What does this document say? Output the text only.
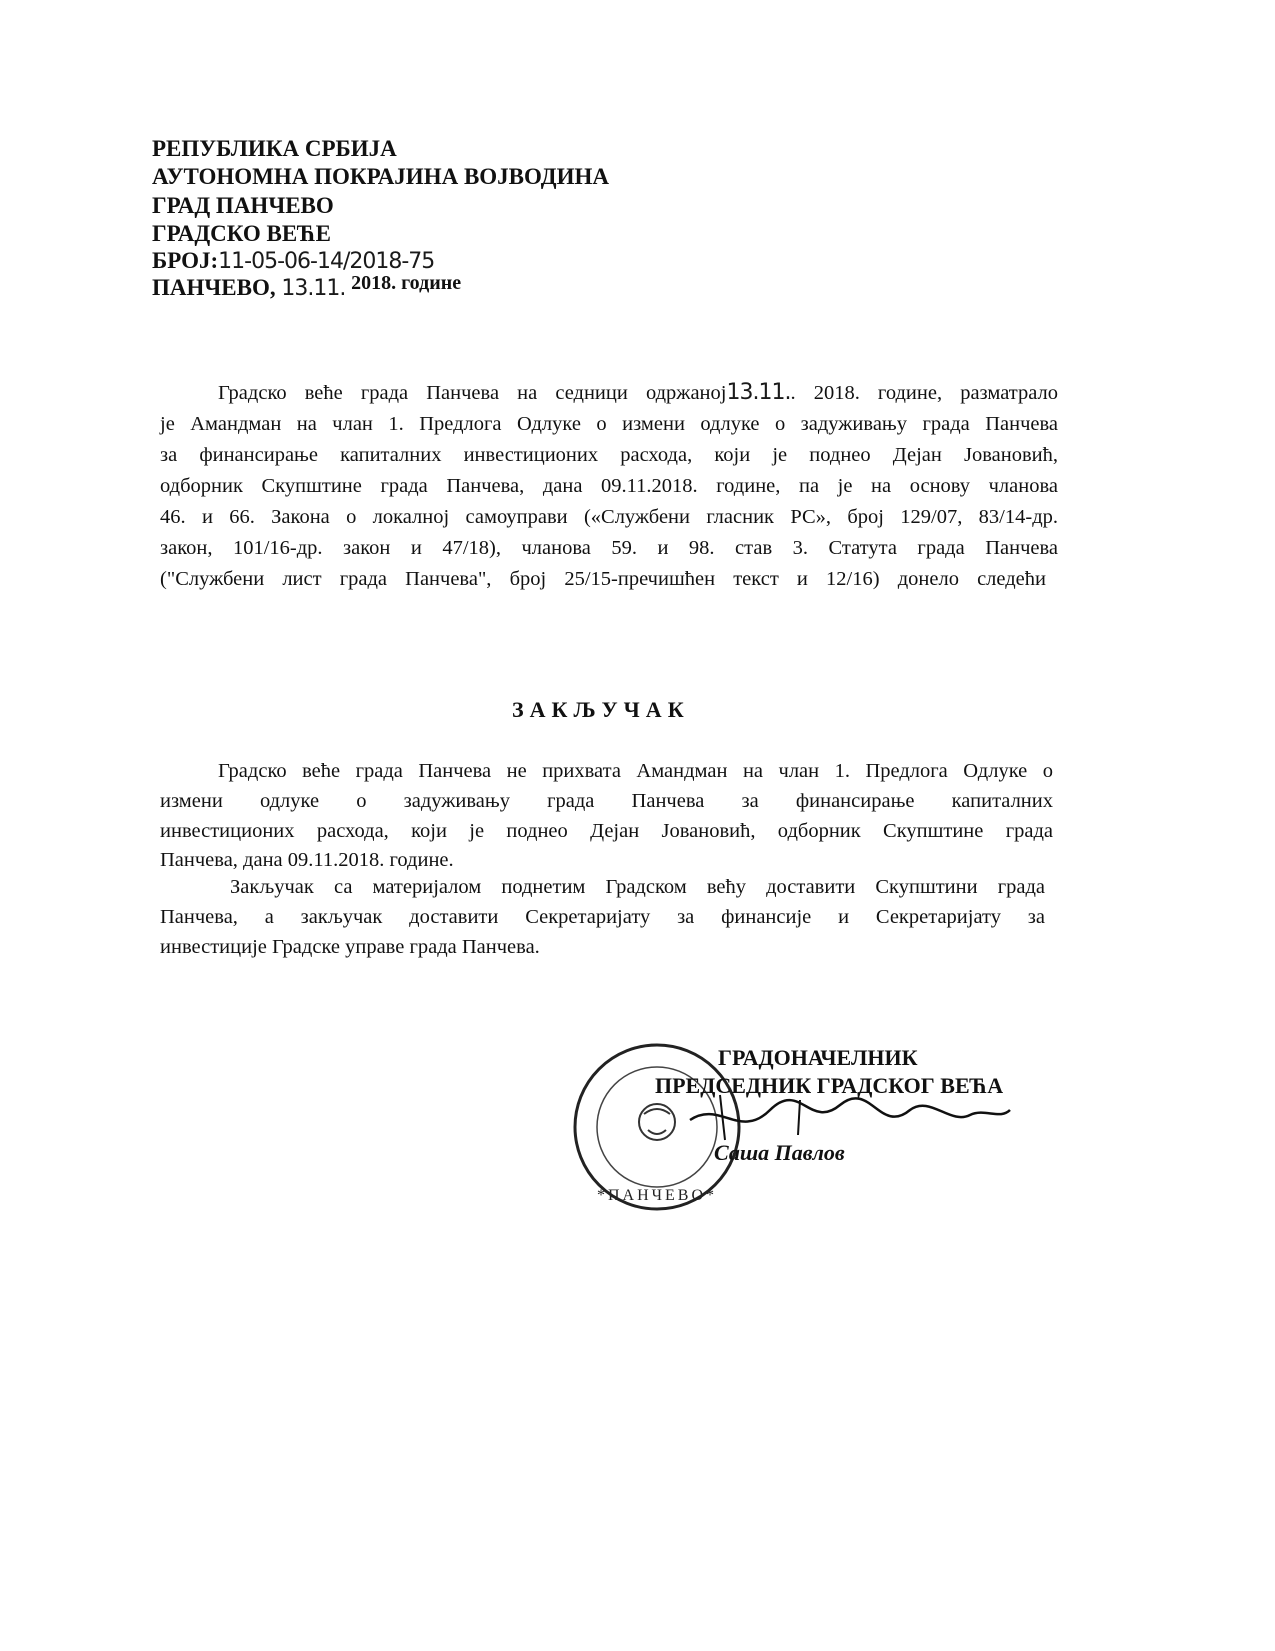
РЕПУБЛИКА СРБИЈА
АУТОНОМНА ПОКРАЈИНА ВОЈВОДИНА
ГРАД ПАНЧЕВО
ГРАДСКО ВЕЋЕ
БРОЈ:11-05-06-14/2018-75
ПАНЧЕВО, 13.11. 2018. године
Градско веће града Панчева на седници одржаној13.11.. 2018. године, разматрало
је Амандман на члан 1. Предлога Одлуке о измени одлуке о задуживању града Панчева
за финансирање капиталних инвестиционих расхода, који је поднео Дејан Јовановић,
одборник Скупштине града Панчева, дана 09.11.2018. године, па је на основу чланова
46. и 66. Закона о локалној самоуправи («Службени гласник РС», број 129/07, 83/14-др.
закон, 101/16-др. закон и 47/18), чланова 59. и 98. став 3. Статута града Панчева
("Службени лист града Панчева", број 25/15-пречишћен текст и 12/16) донело следећи
ЗАКЉУЧАК
Градско веће града Панчева не прихвата Амандман на члан 1. Предлога Одлуке о
измени одлуке о задуживању града Панчева за финансирање капиталних
инвестиционих расхода, који је поднео Дејан Јовановић, одборник Скупштине града
Панчева, дана 09.11.2018. године.
Закључак са материјалом поднетим Градском већу доставити Скупштини града
Панчева, а закључак доставити Секретаријату за финансије и Секретаријату за
инвестиције Градске управе града Панчева.
*ПАНЧЕВО*
ГРАДОНАЧЕЛНИК
ПРЕДСЕДНИК ГРАДСКОГ ВЕЋА
Саша Павлов
